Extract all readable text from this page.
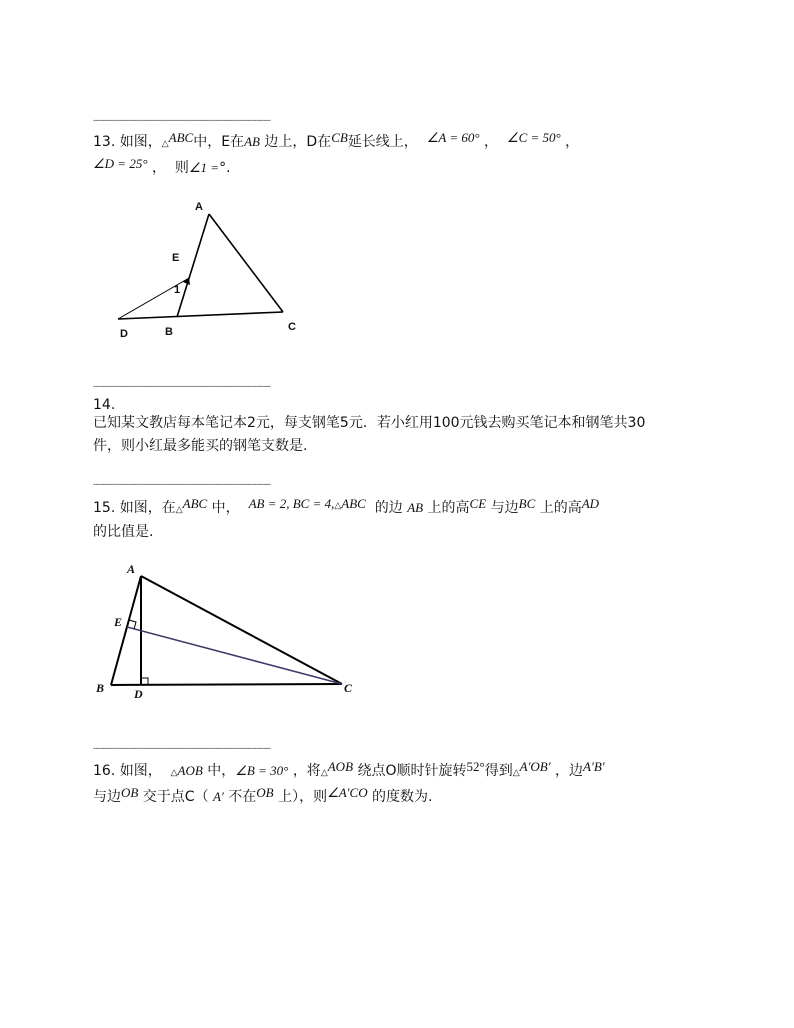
--------------------------------------------------------------------------
13. 如图，△ABC中，E在AB 边上，D在CB延长线上， ∠A = 60° ， ∠C = 50° ，
∠D = 25° ， 则∠1 =°.
A
E
1
D	B	C
--------------------------------------------------------------------------
14.
已知某文教店每本笔记本2元，每支钢笔5元．若小红用100元钱去购买笔记本和钢笔共30
件，则小红最多能买的钢笔支数是.
--------------------------------------------------------------------------
15. 如图，在△ABC 中， AB = 2, BC = 4,△ABC 的边 AB 上的高CE 与边BC 上的高AD
的比值是.
A
E
B D	C
--------------------------------------------------------------------------
16. 如图， △AOB 中，∠B = 30° ，将△AOB 绕点O顺时针旋转52°得到△A′OB′ ，边A′B′
与边OB 交于点C（ A′ 不在OB 上），则∠A′CO 的度数为.
